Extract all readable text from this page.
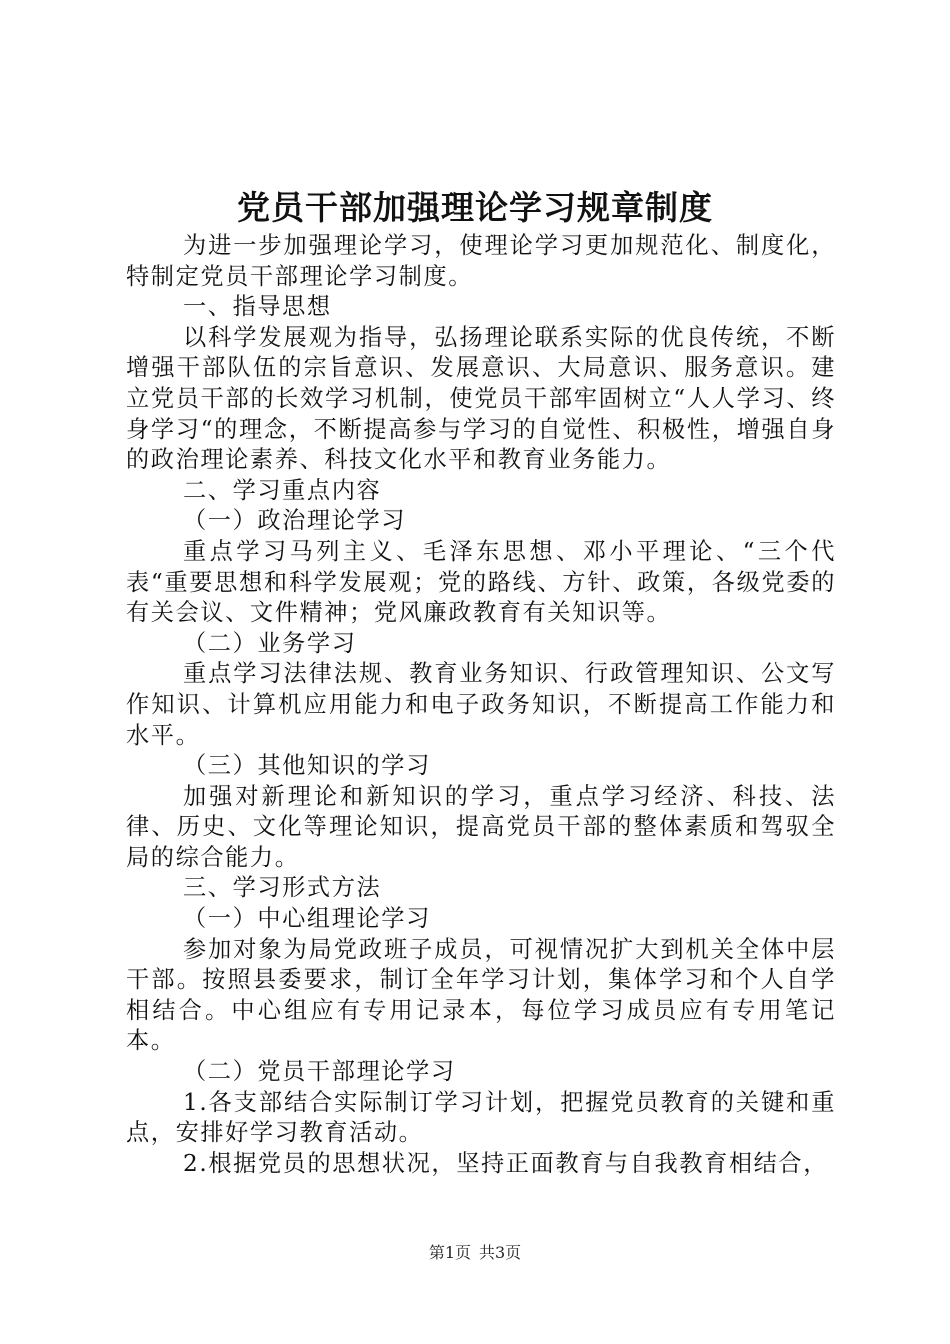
党员干部加强理论学习规章制度

为进一步加强理论学习，使理论学习更加规范化、制度化，特制定党员干部理论学习制度。

一、指导思想

以科学发展观为指导，弘扬理论联系实际的优良传统，不断增强干部队伍的宗旨意识、发展意识、大局意识、服务意识。建立党员干部的长效学习机制，使党员干部牢固树立“人人学习、终身学习“的理念，不断提高参与学习的自觉性、积极性，增强自身的政治理论素养、科技文化水平和教育业务能力。

二、学习重点内容

（一）政治理论学习

重点学习马列主义、毛泽东思想、邓小平理论、“三个代表“重要思想和科学发展观；党的路线、方针、政策，各级党委的有关会议、文件精神；党风廉政教育有关知识等。

（二）业务学习

重点学习法律法规、教育业务知识、行政管理知识、公文写作知识、计算机应用能力和电子政务知识，不断提高工作能力和水平。

（三）其他知识的学习

加强对新理论和新知识的学习，重点学习经济、科技、法律、历史、文化等理论知识，提高党员干部的整体素质和驾驭全局的综合能力。

三、学习形式方法

（一）中心组理论学习

参加对象为局党政班子成员，可视情况扩大到机关全体中层干部。按照县委要求，制订全年学习计划，集体学习和个人自学相结合。中心组应有专用记录本，每位学习成员应有专用笔记本。

（二）党员干部理论学习

1.各支部结合实际制订学习计划，把握党员教育的关键和重点，安排好学习教育活动。

2.根据党员的思想状况，坚持正面教育与自我教育相结合，

第1页 共3页
